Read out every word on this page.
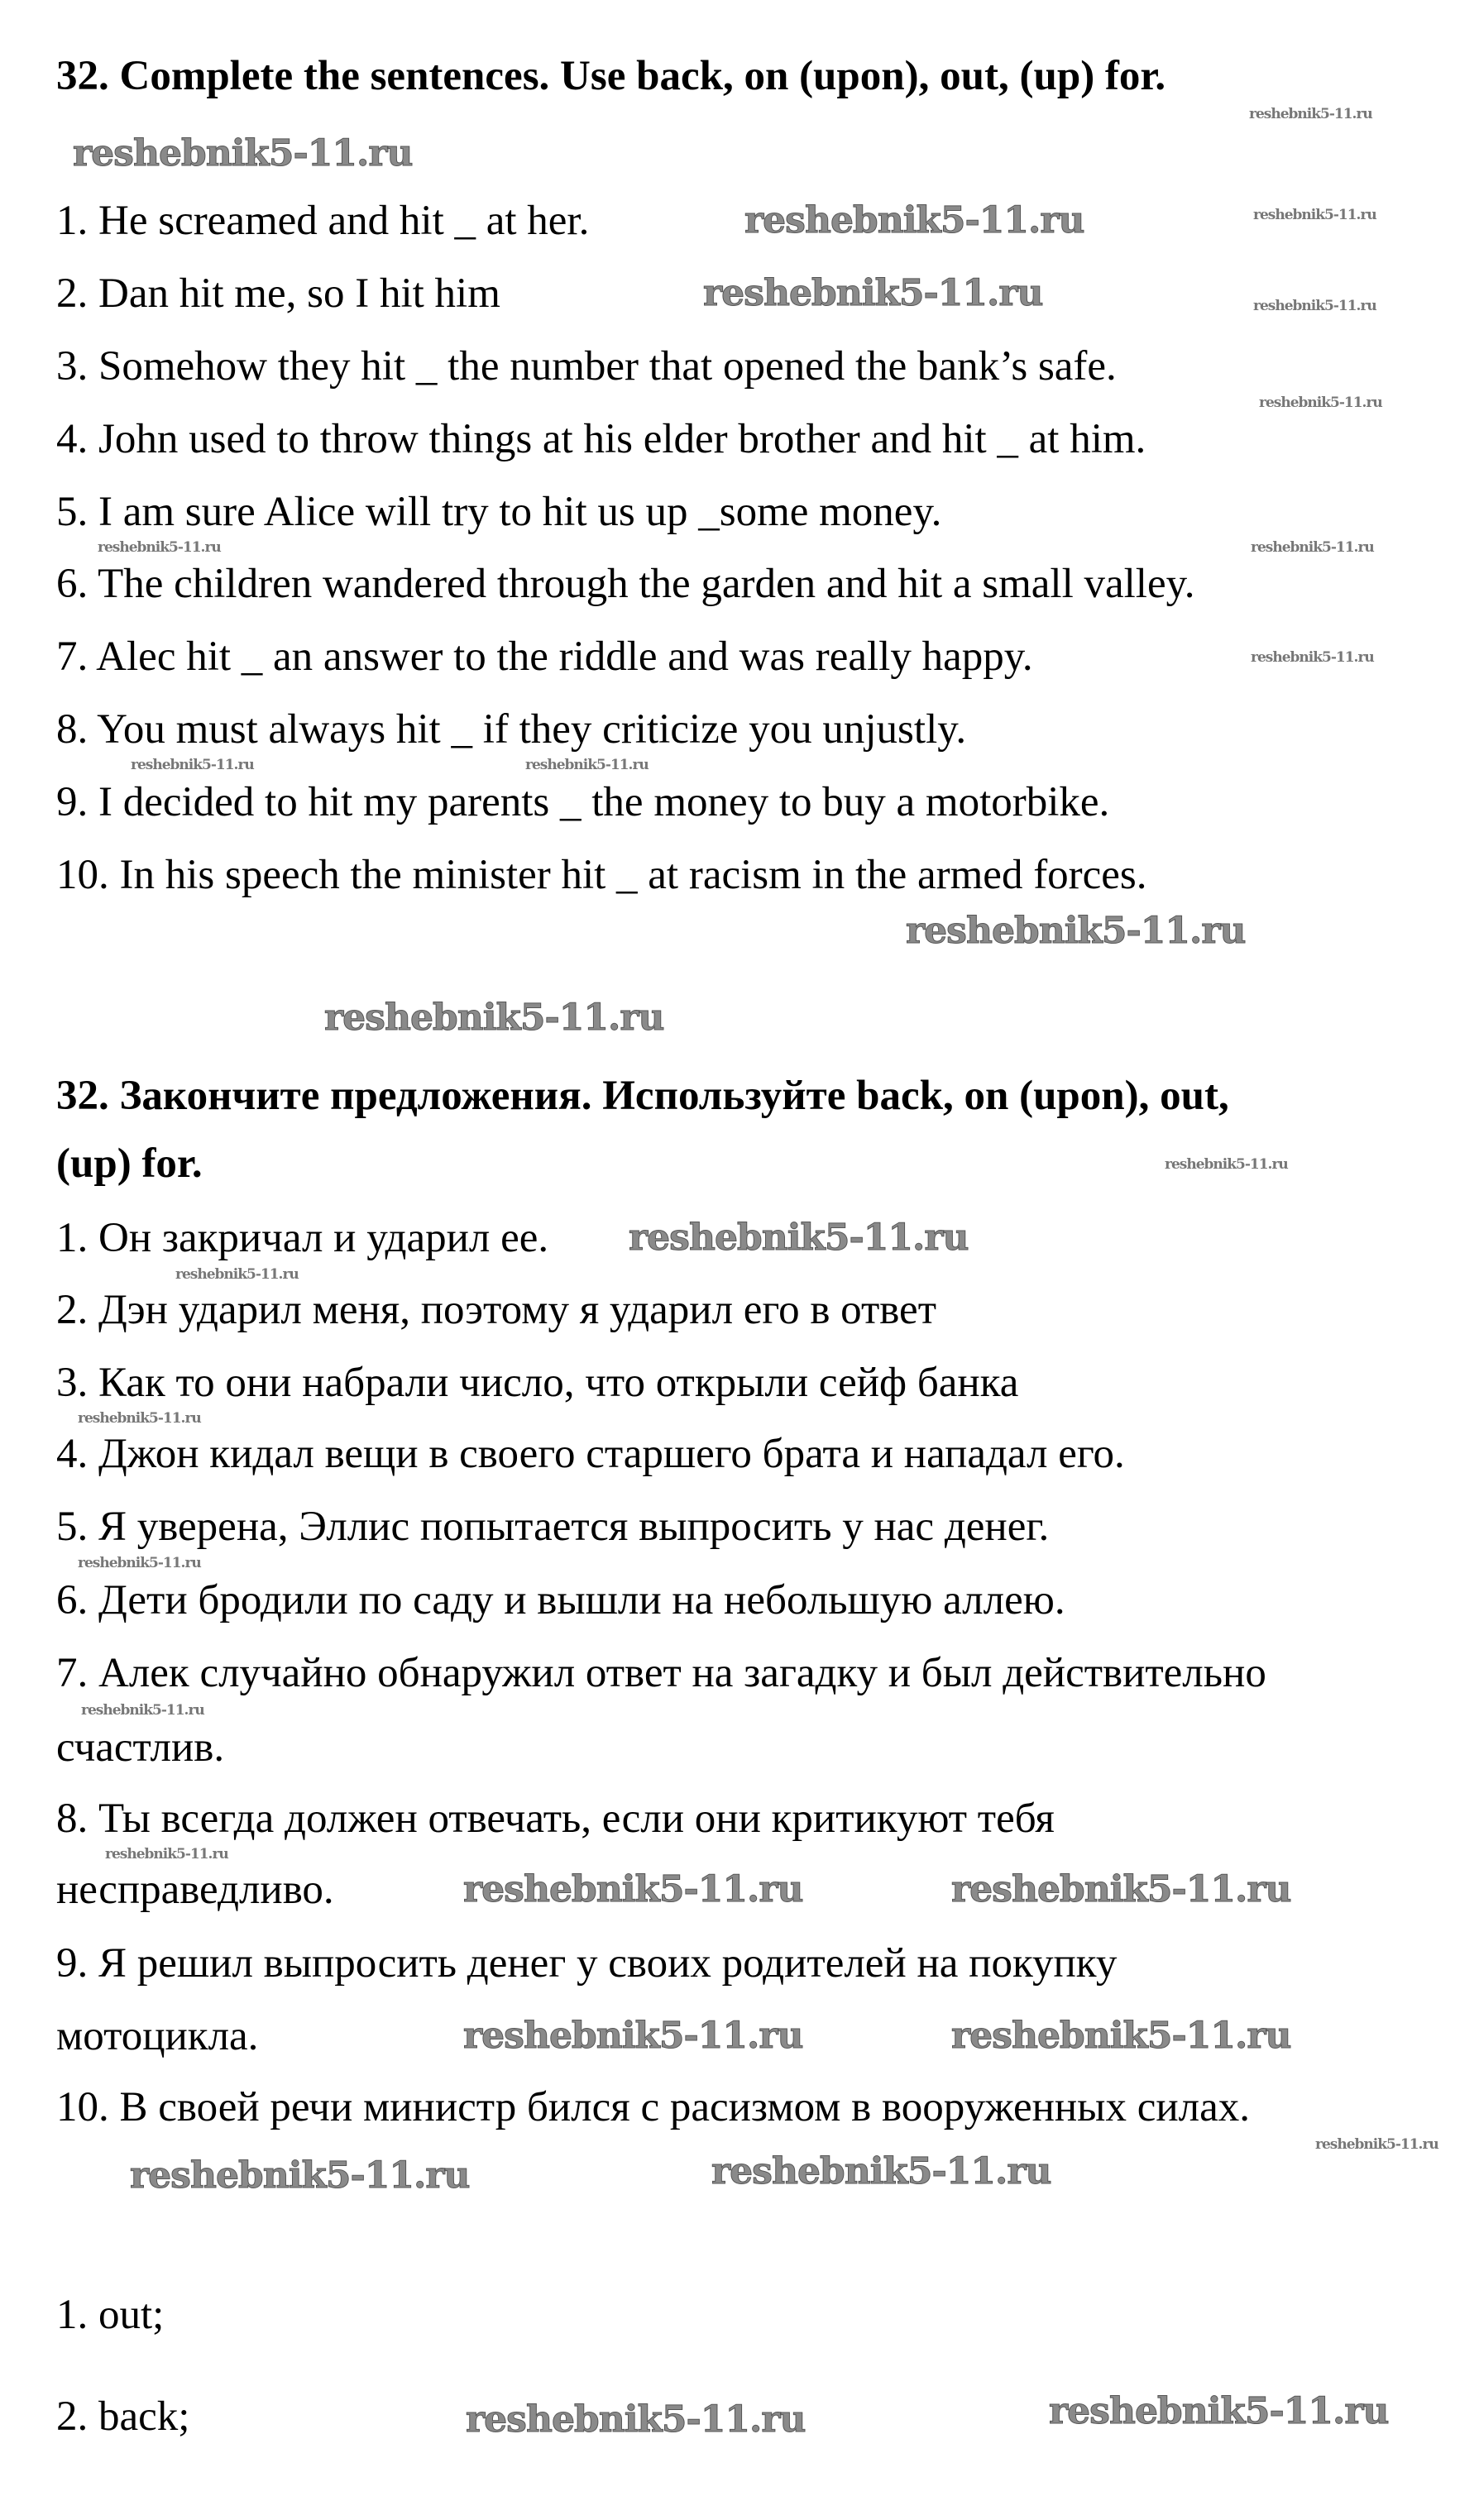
32. Complete the sentences. Use back, on (upon), out, (up) for.
1. He screamed and hit _ at her.
2. Dan hit me, so I hit him
3. Somehow they hit _ the number that opened the bank’s safe.
4. John used to throw things at his elder brother and hit _ at him.
5. I am sure Alice will try to hit us up _some money.
6. The children wandered through the garden and hit a small valley.
7. Alec hit _ an answer to the riddle and was really happy.
8. You must always hit _ if they criticize you unjustly.
9. I decided to hit my parents _ the money to buy a motorbike.
10. In his speech the minister hit _ at racism in the armed forces.
32. Закончите предложения. Используйте back, on (upon), out,
(up) for.
1. Он закричал и ударил ее.
2. Дэн ударил меня, поэтому я ударил его в ответ
3. Как то они набрали число, что открыли сейф банка
4. Джон кидал вещи в своего старшего брата и нападал его.
5. Я уверена, Эллис попытается выпросить у нас денег.
6. Дети бродили по саду и вышли на небольшую аллею.
7. Алек случайно обнаружил ответ на загадку и был действительно
счастлив.
8. Ты всегда должен отвечать, если они критикуют тебя
несправедливо.
9. Я решил выпросить денег у своих родителей на покупку
мотоцикла.
10. В своей речи министр бился с расизмом в вооруженных силах.
1. out;
2. back;
reshebnik5-11.ru
reshebnik5-11.ru
reshebnik5-11.ru	reshebnik5-11.ru
reshebnik5-11.ru	reshebnik5-11.ru
reshebnik5-11.ru
reshebnik5-11.ru	reshebnik5-11.ru
reshebnik5-11.ru
reshebnik5-11.ru	reshebnik5-11.ru
reshebnik5-11.ru
reshebnik5-11.ru
reshebnik5-11.ru
reshebnik5-11.ru
reshebnik5-11.ru
reshebnik5-11.ru
reshebnik5-11.ru
reshebnik5-11.ru	reshebnik5-11.ru
reshebnik5-11.ru
reshebnik5-11.ru
reshebnik5-11.ru	reshebnik5-11.ru
reshebnik5-11.ru	reshebnik5-11.ru
reshebnik5-11.ru
reshebnik5-11.ru	reshebnik5-11.ru
